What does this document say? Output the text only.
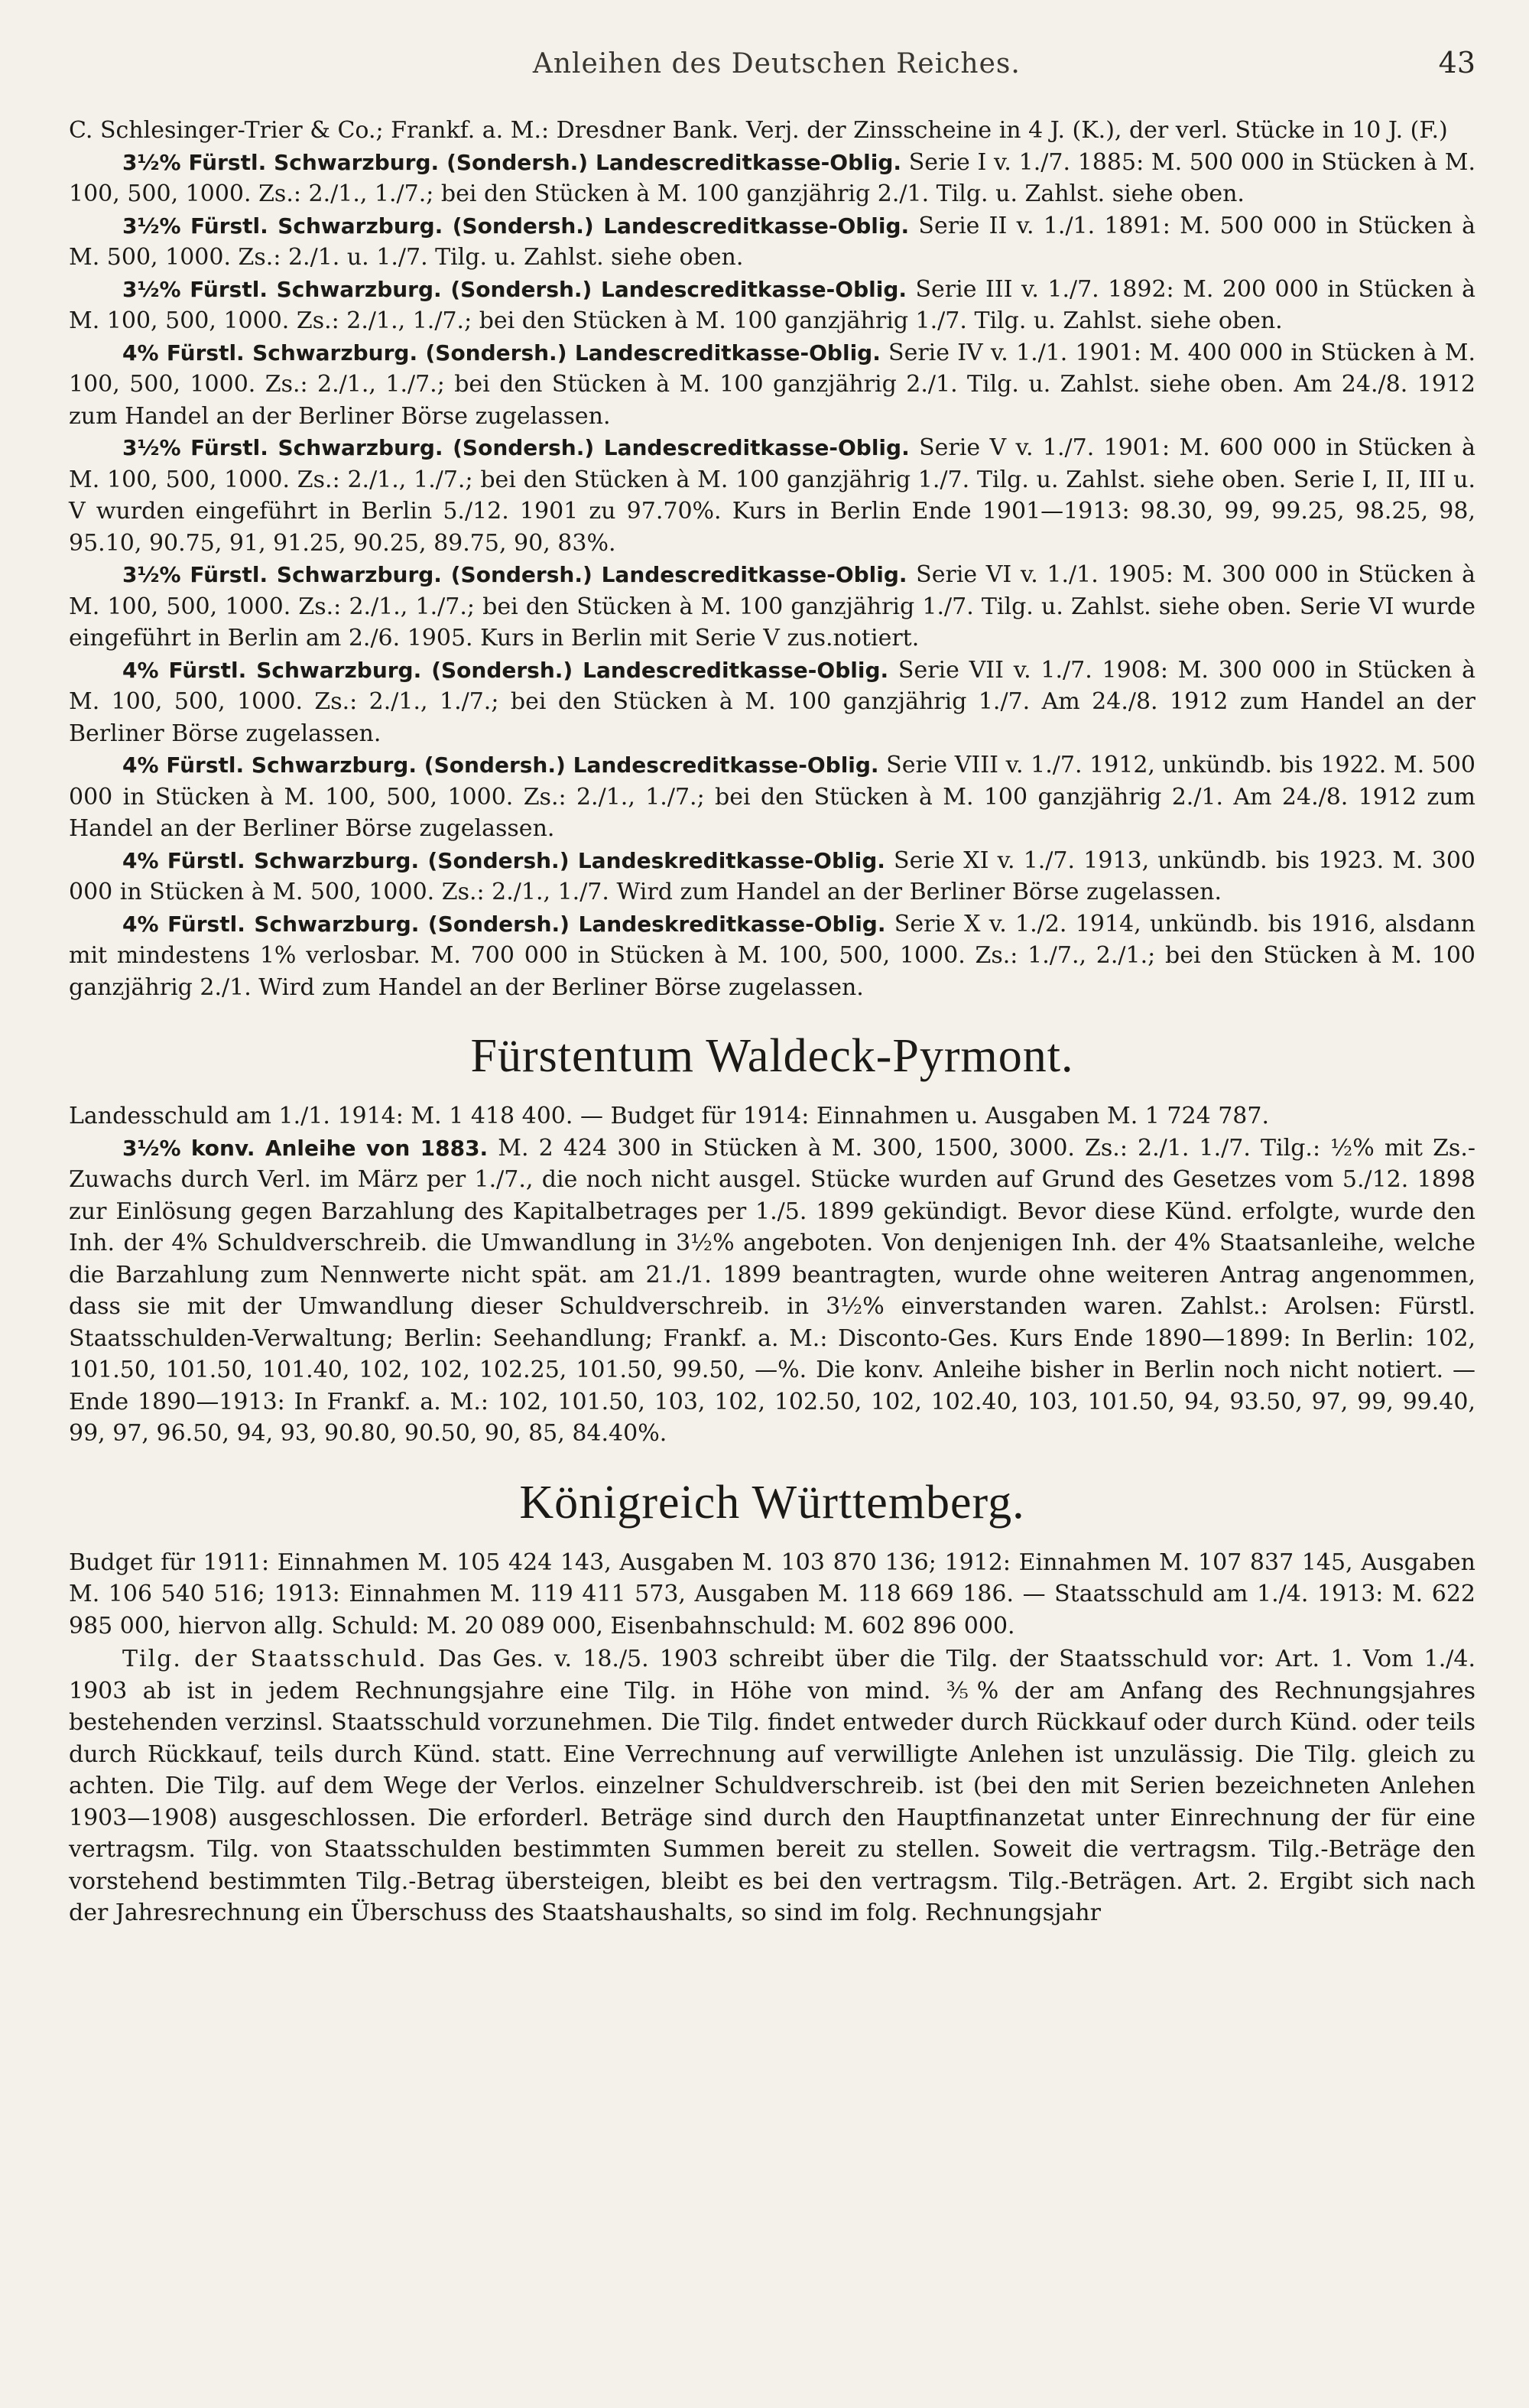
Anleihen des Deutschen Reiches.	43

C. Schlesinger-Trier & Co.; Frankf. a. M.: Dresdner Bank. Verj. der Zinsscheine in 4 J. (K.), der verl. Stücke in 10 J. (F.)

3½% Fürstl. Schwarzburg. (Sondersh.) Landescreditkasse-Oblig. Serie I v. 1./7. 1885: M. 500 000 in Stücken à M. 100, 500, 1000. Zs.: 2./1., 1./7.; bei den Stücken à M. 100 ganzjährig 2./1. Tilg. u. Zahlst. siehe oben.

3½% Fürstl. Schwarzburg. (Sondersh.) Landescreditkasse-Oblig. Serie II v. 1./1. 1891: M. 500 000 in Stücken à M. 500, 1000. Zs.: 2./1. u. 1./7. Tilg. u. Zahlst. siehe oben.

3½% Fürstl. Schwarzburg. (Sondersh.) Landescreditkasse-Oblig. Serie III v. 1./7. 1892: M. 200 000 in Stücken à M. 100, 500, 1000. Zs.: 2./1., 1./7.; bei den Stücken à M. 100 ganzjährig 1./7. Tilg. u. Zahlst. siehe oben.

4% Fürstl. Schwarzburg. (Sondersh.) Landescreditkasse-Oblig. Serie IV v. 1./1. 1901: M. 400 000 in Stücken à M. 100, 500, 1000. Zs.: 2./1., 1./7.; bei den Stücken à M. 100 ganzjährig 2./1. Tilg. u. Zahlst. siehe oben. Am 24./8. 1912 zum Handel an der Berliner Börse zugelassen.

3½% Fürstl. Schwarzburg. (Sondersh.) Landescreditkasse-Oblig. Serie V v. 1./7. 1901: M. 600 000 in Stücken à M. 100, 500, 1000. Zs.: 2./1., 1./7.; bei den Stücken à M. 100 ganzjährig 1./7. Tilg. u. Zahlst. siehe oben. Serie I, II, III u. V wurden eingeführt in Berlin 5./12. 1901 zu 97.70%. Kurs in Berlin Ende 1901—1913: 98.30, 99, 99.25, 98.25, 98, 95.10, 90.75, 91, 91.25, 90.25, 89.75, 90, 83%.

3½% Fürstl. Schwarzburg. (Sondersh.) Landescreditkasse-Oblig. Serie VI v. 1./1. 1905: M. 300 000 in Stücken à M. 100, 500, 1000. Zs.: 2./1., 1./7.; bei den Stücken à M. 100 ganzjährig 1./7. Tilg. u. Zahlst. siehe oben. Serie VI wurde eingeführt in Berlin am 2./6. 1905. Kurs in Berlin mit Serie V zus.notiert.

4% Fürstl. Schwarzburg. (Sondersh.) Landescreditkasse-Oblig. Serie VII v. 1./7. 1908: M. 300 000 in Stücken à M. 100, 500, 1000. Zs.: 2./1., 1./7.; bei den Stücken à M. 100 ganzjährig 1./7. Am 24./8. 1912 zum Handel an der Berliner Börse zugelassen.

4% Fürstl. Schwarzburg. (Sondersh.) Landescreditkasse-Oblig. Serie VIII v. 1./7. 1912, unkündb. bis 1922. M. 500 000 in Stücken à M. 100, 500, 1000. Zs.: 2./1., 1./7.; bei den Stücken à M. 100 ganzjährig 2./1. Am 24./8. 1912 zum Handel an der Berliner Börse zugelassen.

4% Fürstl. Schwarzburg. (Sondersh.) Landeskreditkasse-Oblig. Serie XI v. 1./7. 1913, unkündb. bis 1923. M. 300 000 in Stücken à M. 500, 1000. Zs.: 2./1., 1./7. Wird zum Handel an der Berliner Börse zugelassen.

4% Fürstl. Schwarzburg. (Sondersh.) Landeskreditkasse-Oblig. Serie X v. 1./2. 1914, unkündb. bis 1916, alsdann mit mindestens 1% verlosbar. M. 700 000 in Stücken à M. 100, 500, 1000. Zs.: 1./7., 2./1.; bei den Stücken à M. 100 ganzjährig 2./1. Wird zum Handel an der Berliner Börse zugelassen.

Fürstentum Waldeck-Pyrmont.

Landesschuld am 1./1. 1914: M. 1 418 400. — Budget für 1914: Einnahmen u. Ausgaben M. 1 724 787.

3½% konv. Anleihe von 1883. M. 2 424 300 in Stücken à M. 300, 1500, 3000. Zs.: 2./1. 1./7. Tilg.: ½% mit Zs.-Zuwachs durch Verl. im März per 1./7., die noch nicht ausgel. Stücke wurden auf Grund des Gesetzes vom 5./12. 1898 zur Einlösung gegen Barzahlung des Kapitalbetrages per 1./5. 1899 gekündigt. Bevor diese Künd. erfolgte, wurde den Inh. der 4% Schuldverschreib. die Umwandlung in 3½% angeboten. Von denjenigen Inh. der 4% Staatsanleihe, welche die Barzahlung zum Nennwerte nicht spät. am 21./1. 1899 beantragten, wurde ohne weiteren Antrag angenommen, dass sie mit der Umwandlung dieser Schuldverschreib. in 3½% einverstanden waren. Zahlst.: Arolsen: Fürstl. Staatsschulden-Verwaltung; Berlin: Seehandlung; Frankf. a. M.: Disconto-Ges. Kurs Ende 1890—1899: In Berlin: 102, 101.50, 101.50, 101.40, 102, 102, 102.25, 101.50, 99.50, —%. Die konv. Anleihe bisher in Berlin noch nicht notiert. — Ende 1890—1913: In Frankf. a. M.: 102, 101.50, 103, 102, 102.50, 102, 102.40, 103, 101.50, 94, 93.50, 97, 99, 99.40, 99, 97, 96.50, 94, 93, 90.80, 90.50, 90, 85, 84.40%.

Königreich Württemberg.

Budget für 1911: Einnahmen M. 105 424 143, Ausgaben M. 103 870 136; 1912: Einnahmen M. 107 837 145, Ausgaben M. 106 540 516; 1913: Einnahmen M. 119 411 573, Ausgaben M. 118 669 186. — Staatsschuld am 1./4. 1913: M. 622 985 000, hiervon allg. Schuld: M. 20 089 000, Eisenbahnschuld: M. 602 896 000.

Tilg. der Staatsschuld. Das Ges. v. 18./5. 1903 schreibt über die Tilg. der Staatsschuld vor: Art. 1. Vom 1./4. 1903 ab ist in jedem Rechnungsjahre eine Tilg. in Höhe von mind. ⅗% der am Anfang des Rechnungsjahres bestehenden verzinsl. Staatsschuld vorzunehmen. Die Tilg. findet entweder durch Rückkauf oder durch Künd. oder teils durch Rückkauf, teils durch Künd. statt. Eine Verrechnung auf verwilligte Anlehen ist unzulässig. Die Tilg. gleich zu achten. Die Tilg. auf dem Wege der Verlos. einzelner Schuldverschreib. ist (bei den mit Serien bezeichneten Anlehen 1903—1908) ausgeschlossen. Die erforderl. Beträge sind durch den Hauptfinanzetat unter Einrechnung der für eine vertragsm. Tilg. von Staatsschulden bestimmten Summen bereit zu stellen. Soweit die vertragsm. Tilg.-Beträge den vorstehend bestimmten Tilg.-Betrag übersteigen, bleibt es bei den vertragsm. Tilg.-Beträgen. Art. 2. Ergibt sich nach der Jahresrechnung ein Überschuss des Staatshaushalts, so sind im folg. Rechnungsjahr
